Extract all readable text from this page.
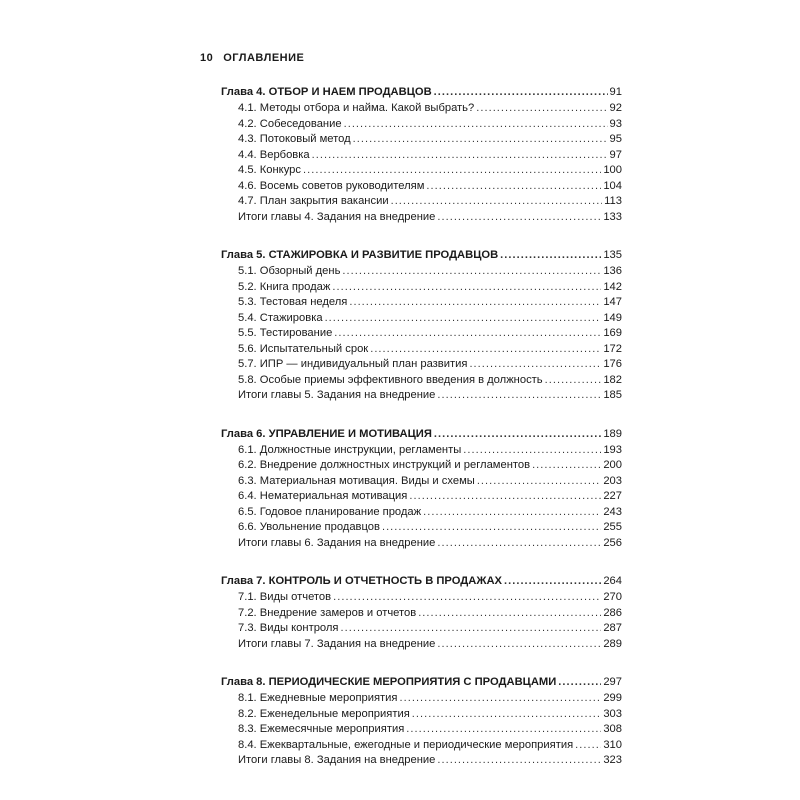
10 ОГЛАВЛЕНИЕ
Глава 4. ОТБОР И НАЕМ ПРОДАВЦОВ . . .	91
4.1. Методы отбора и найма. Какой выбрать? . . .	92
4.2. Собеседование . . .	93
4.3. Потоковый метод . . .	95
4.4. Вербовка . . .	97
4.5. Конкурс . . .	100
4.6. Восемь советов руководителям . . .	104
4.7. План закрытия вакансии . . .	113
Итоги главы 4. Задания на внедрение . . .	133
Глава 5. СТАЖИРОВКА И РАЗВИТИЕ ПРОДАВЦОВ . . .	135
5.1. Обзорный день . . .	136
5.2. Книга продаж . . .	142
5.3. Тестовая неделя . . .	147
5.4. Стажировка . . .	149
5.5. Тестирование . . .	169
5.6. Испытательный срок . . .	172
5.7. ИПР — индивидуальный план развития . . .	176
5.8. Особые приемы эффективного введения в должность . . .	182
Итоги главы 5. Задания на внедрение . . .	185
Глава 6. УПРАВЛЕНИЕ И МОТИВАЦИЯ . . .	189
6.1. Должностные инструкции, регламенты . . .	193
6.2. Внедрение должностных инструкций и регламентов . . .	200
6.3. Материальная мотивация. Виды и схемы . . .	203
6.4. Нематериальная мотивация . . .	227
6.5. Годовое планирование продаж . . .	243
6.6. Увольнение продавцов . . .	255
Итоги главы 6. Задания на внедрение . . .	256
Глава 7. КОНТРОЛЬ И ОТЧЕТНОСТЬ В ПРОДАЖАХ . . .	264
7.1. Виды отчетов . . .	270
7.2. Внедрение замеров и отчетов . . .	286
7.3. Виды контроля . . .	287
Итоги главы 7. Задания на внедрение . . .	289
Глава 8. ПЕРИОДИЧЕСКИЕ МЕРОПРИЯТИЯ С ПРОДАВЦАМИ . . .	297
8.1. Ежедневные мероприятия . . .	299
8.2. Еженедельные мероприятия . . .	303
8.3. Ежемесячные мероприятия . . .	308
8.4. Ежеквартальные, ежегодные и периодические мероприятия . . .	310
Итоги главы 8. Задания на внедрение . . .	323
